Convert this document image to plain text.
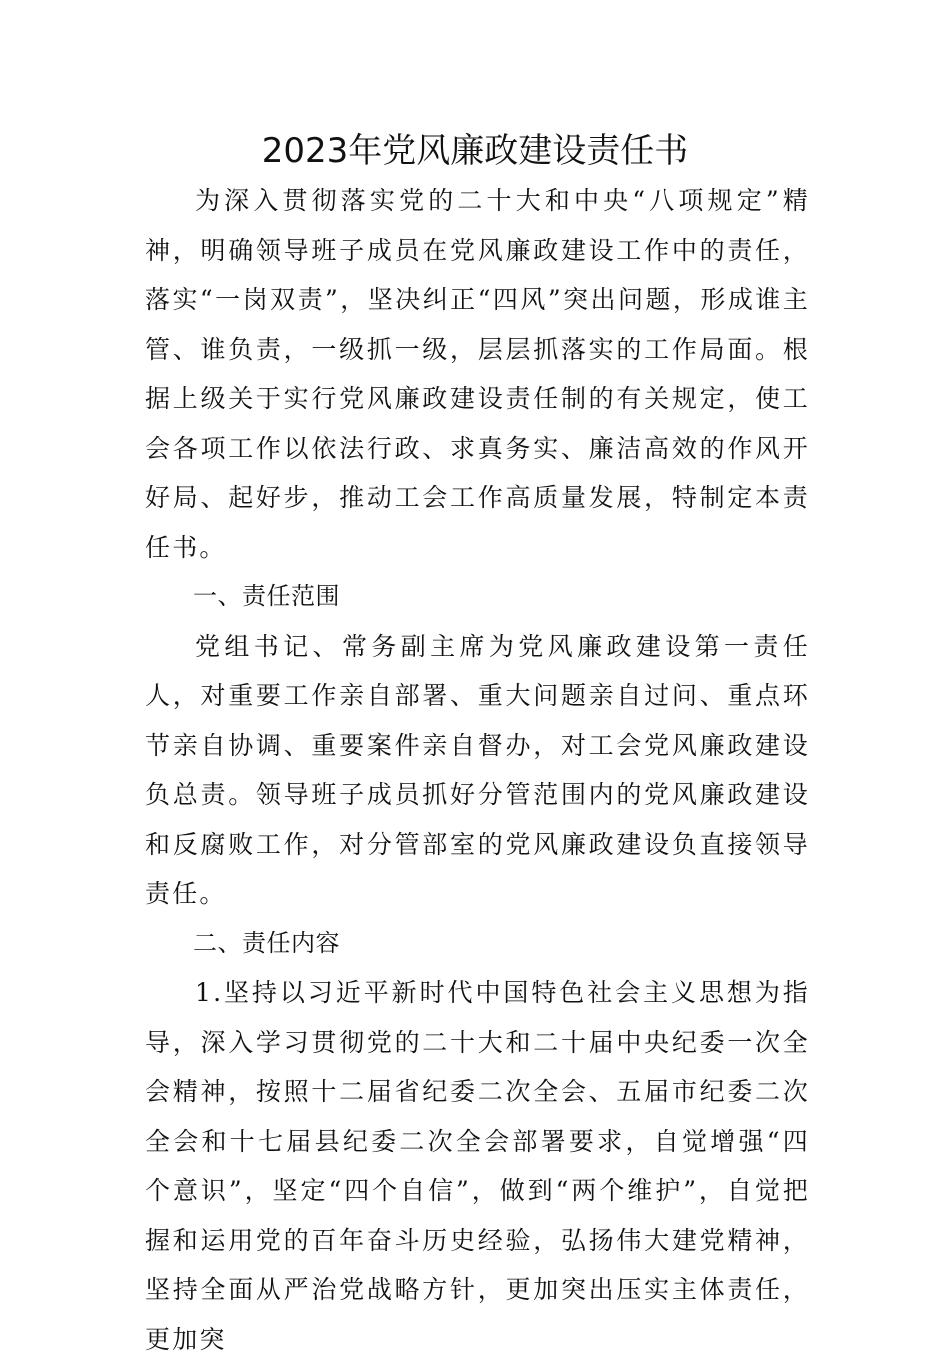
2023年党风廉政建设责任书

为深入贯彻落实党的二十大和中央“八项规定”精神，明确领导班子成员在党风廉政建设工作中的责任，落实“一岗双责”，坚决纠正“四风”突出问题，形成谁主管、谁负责，一级抓一级，层层抓落实的工作局面。根据上级关于实行党风廉政建设责任制的有关规定，使工会各项工作以依法行政、求真务实、廉洁高效的作风开好局、起好步，推动工会工作高质量发展，特制定本责任书。

一、责任范围

党组书记、常务副主席为党风廉政建设第一责任人，对重要工作亲自部署、重大问题亲自过问、重点环节亲自协调、重要案件亲自督办，对工会党风廉政建设负总责。领导班子成员抓好分管范围内的党风廉政建设和反腐败工作，对分管部室的党风廉政建设负直接领导责任。

二、责任内容

1.坚持以习近平新时代中国特色社会主义思想为指导，深入学习贯彻党的二十大和二十届中央纪委一次全会精神，按照十二届省纪委二次全会、五届市纪委二次全会和十七届县纪委二次全会部署要求，自觉增强“四个意识”，坚定“四个自信”，做到“两个维护”，自觉把握和运用党的百年奋斗历史经验，弘扬伟大建党精神，坚持全面从严治党战略方针，更加突出压实主体责任，更加突
